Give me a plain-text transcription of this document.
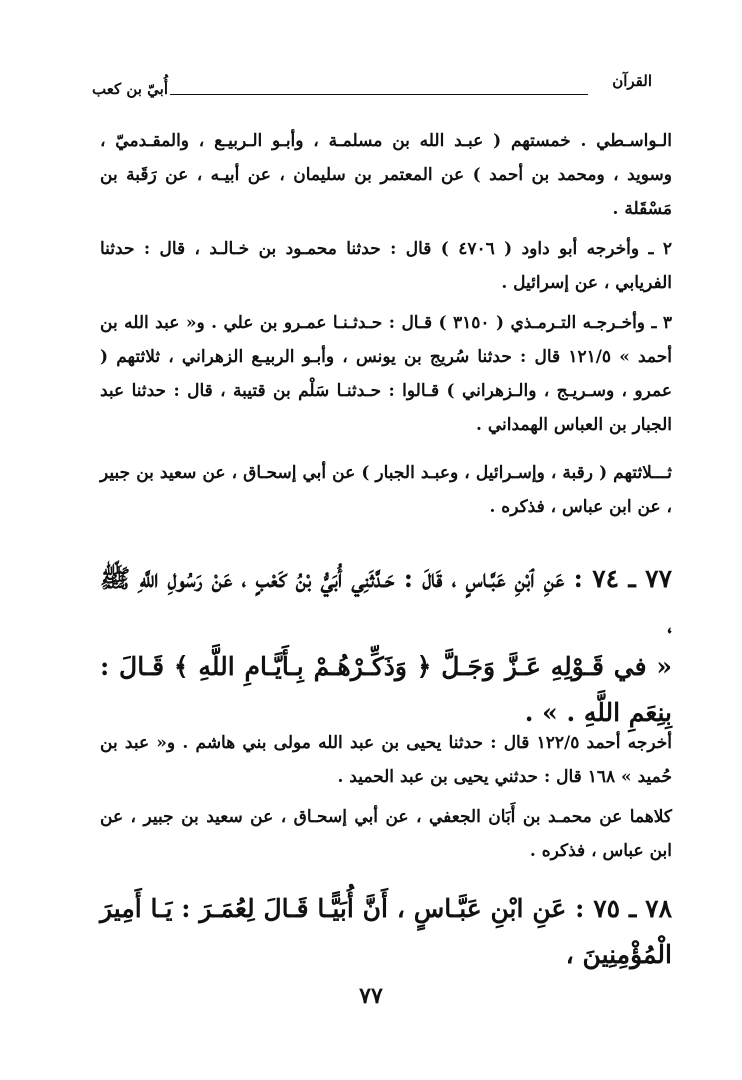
القرآن
أُبيّ بن كعب
الـواسـطي . خمستهم ( عبـد الله بن مسلمـة ، وأبـو الـربيـع ، والمقـدميّ ، وسويد ، ومحمد بن أحمد ) عن المعتمر بن سليمان ، عن أبيـه ، عن رَقَبة بن مَسْقَلة .
٢ ـ وأخرجه أبو داود ( ٤٧٠٦ ) قال : حدثنا محمـود بن خـالـد ، قال : حدثنا الفريابي ، عن إسرائيل .
٣ ـ وأخـرجـه التـرمـذي ( ٣١٥٠ ) قـال : حـدثـنـا عمـرو بن علي . و« عبد الله بن أحمد » ١٢١/٥ قال : حدثنا سُريج بن يونس ، وأبـو الربيـع الزهراني ، ثلاثتهم ( عمرو ، وسـريـج ، والـزهراني ) قـالوا : حـدثنـا سَلْم بن قتيبة ، قال : حدثنا عبد الجبار بن العباس الهمداني .
ثـــلاثتهم ( رقبة ، وإسـرائيل ، وعبـد الجبار ) عن أبي إسحـاق ، عن سعيد بن جبير ، عن ابن عباس ، فذكره .
٧٧ ـ ٧٤ : عَنِ ٱبْنِ عَبَّـاسٍ ، قَالَ : حَـدَّثَنِي أُبَيُّ بْنُ كَعْبٍ ، عَنْ رَسُولِ اللَّهِ ﷺ ،
« في قَـوْلِهِ عَـزَّ وَجَـلَّ ﴿ وَذَكِّـرْهُـمْ بِـأَيَّـامِ اللَّهِ ﴾ قَـالَ : بِنِعَمِ اللَّهِ . » .
أخرجه أحمد ١٢٢/٥ قال : حدثنا يحيى بن عبد الله مولى بني هاشم . و« عبد بن حُميد » ١٦٨ قال : حدثني يحيى بن عبد الحميد .
كلاهما عن محمـد بن أَبَان الجعفي ، عن أبي إسحـاق ، عن سعيد بن جبير ، عن ابن عباس ، فذكره .
٧٨ ـ ٧٥ : عَنِ ابْنِ عَبَّـاسٍ ، أَنَّ أُبَيًّـا قَـالَ لِعُمَـرَ : يَـا أَمِيرَ الْمُؤْمِنِينَ ،
٧٧
